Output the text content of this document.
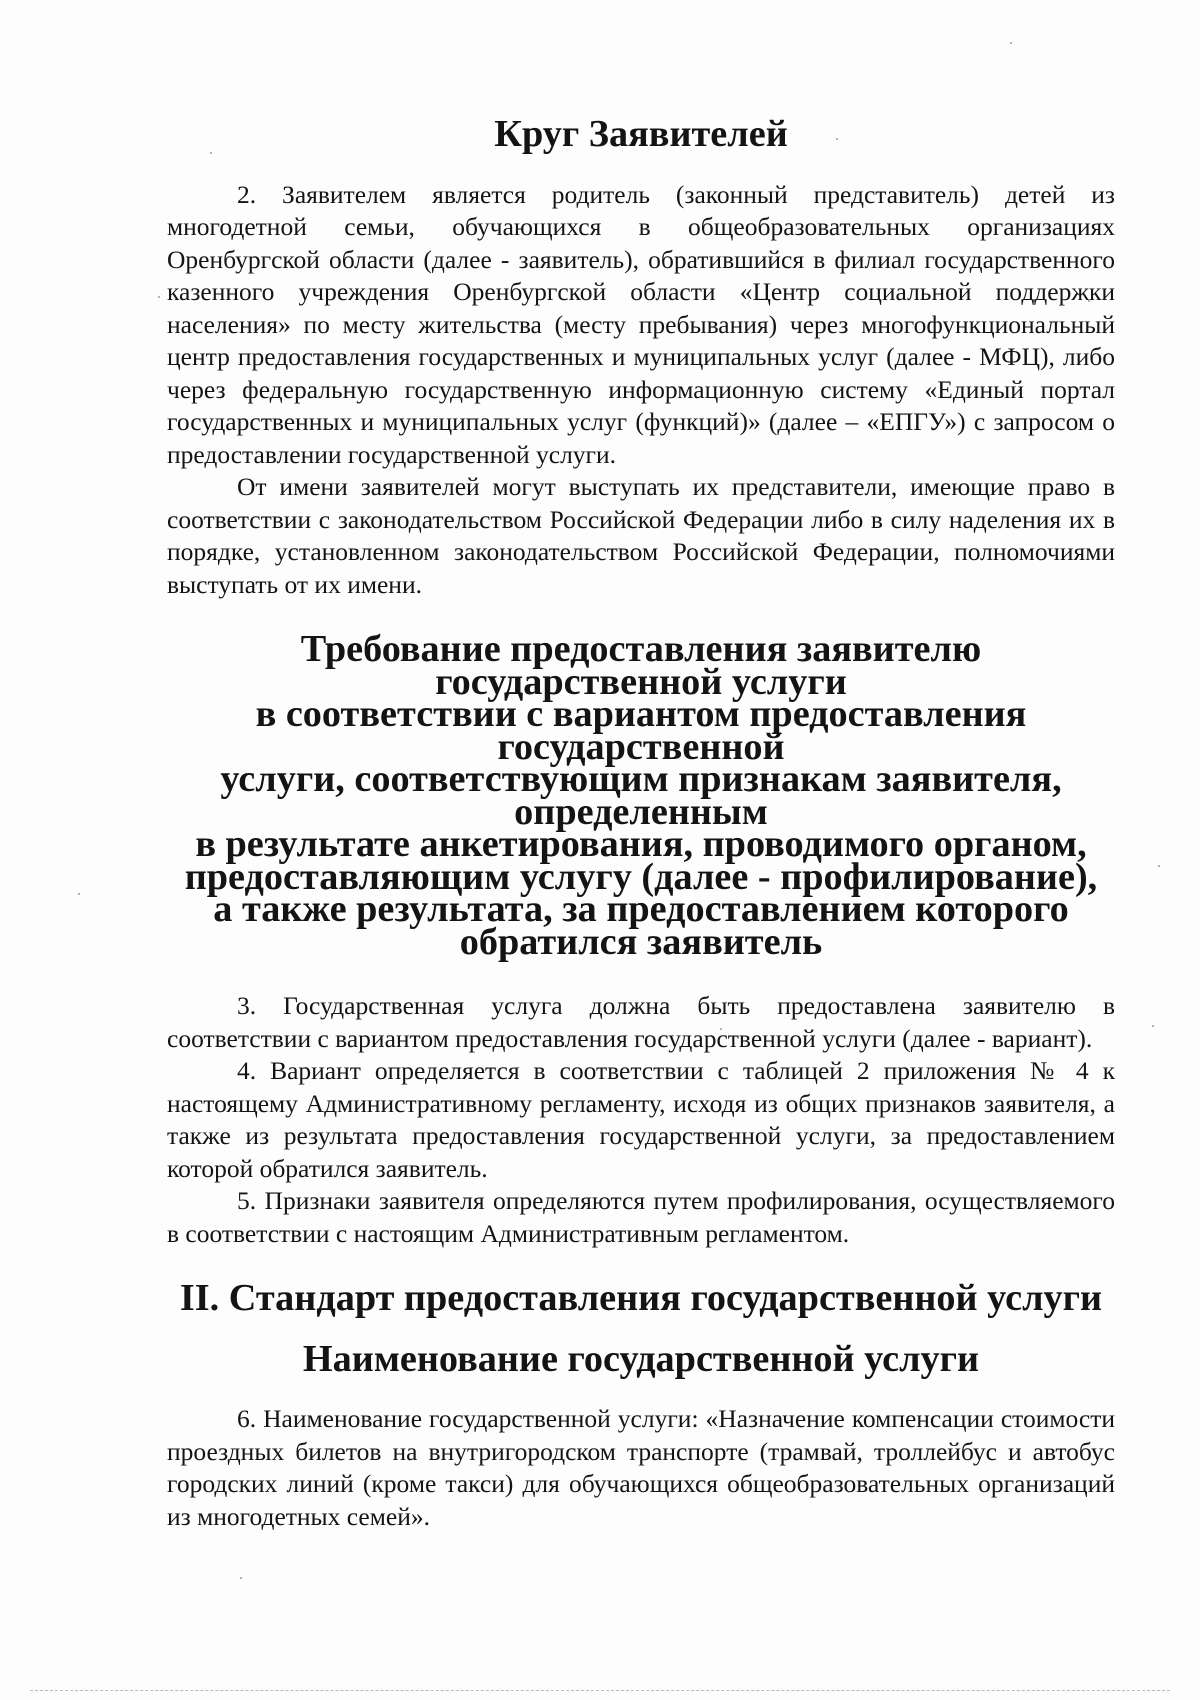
Круг Заявителей

2. Заявителем является родитель (законный представитель) детей из многодетной семьи, обучающихся в общеобразовательных организациях Оренбургской области (далее - заявитель), обратившийся в филиал государственного казенного учреждения Оренбургской области «Центр социальной поддержки населения» по месту жительства (месту пребывания) через многофункциональный центр предоставления государственных и муниципальных услуг (далее - МФЦ), либо через федеральную государственную информационную систему «Единый портал государственных и муниципальных услуг (функций)» (далее – «ЕПГУ») с запросом о предоставлении государственной услуги.

От имени заявителей могут выступать их представители, имеющие право в соответствии с законодательством Российской Федерации либо в силу наделения их в порядке, установленном законодательством Российской Федерации, полномочиями выступать от их имени.

Требование предоставления заявителю государственной услуги
в соответствии с вариантом предоставления государственной
услуги, соответствующим признакам заявителя, определенным
в результате анкетирования, проводимого органом,
предоставляющим услугу (далее - профилирование),
а также результата, за предоставлением которого
обратился заявитель

3. Государственная услуга должна быть предоставлена заявителю в соответствии с вариантом предоставления государственной услуги (далее - вариант).

4. Вариант определяется в соответствии с таблицей 2 приложения № 4 к настоящему Административному регламенту, исходя из общих признаков заявителя, а также из результата предоставления государственной услуги, за предоставлением которой обратился заявитель.

5. Признаки заявителя определяются путем профилирования, осуществляемого в соответствии с настоящим Административным регламентом.

II. Стандарт предоставления государственной услуги
Наименование государственной услуги

6. Наименование государственной услуги: «Назначение компенсации стоимости проездных билетов на внутригородском транспорте (трамвай, троллейбус и автобус городских линий (кроме такси) для обучающихся общеобразовательных организаций из многодетных семей».
